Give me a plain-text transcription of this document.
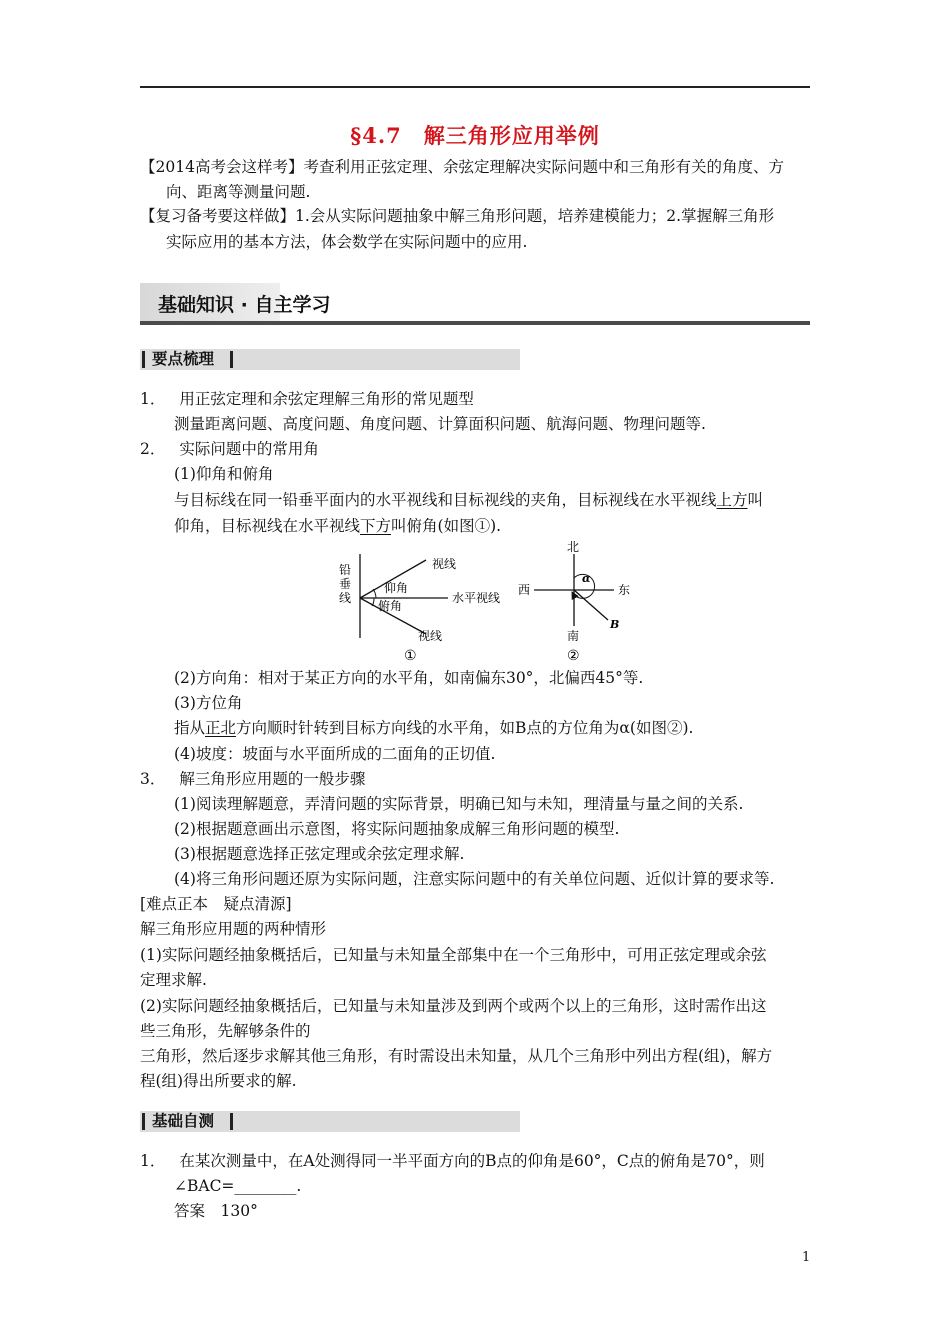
§4.7　解三角形应用举例
【2014高考会这样考】考查利用正弦定理、余弦定理解决实际问题中和三角形有关的角度、方
向、距离等测量问题.
【复习备考要这样做】1.会从实际问题抽象中解三角形问题，培养建模能力；2.掌握解三角形
实际应用的基本方法，体会数学在实际问题中的应用.
基础知识 · 自主学习
要点梳理
1． 用正弦定理和余弦定理解三角形的常见题型
测量距离问题、高度问题、角度问题、计算面积问题、航海问题、物理问题等.
2． 实际问题中的常用角
(1)仰角和俯角
与目标线在同一铅垂平面内的水平视线和目标视线的夹角，目标视线在水平视线上方叫
仰角，目标视线在水平视线下方叫俯角(如图①).
铅
垂
线
视线
仰角
水平视线
俯角
视线
①
北
南
西	东
α
B
②
(2)方向角：相对于某正方向的水平角，如南偏东30°，北偏西45°等.
(3)方位角
指从正北方向顺时针转到目标方向线的水平角，如B点的方位角为α(如图②).
(4)坡度：坡面与水平面所成的二面角的正切值.
3． 解三角形应用题的一般步骤
(1)阅读理解题意，弄清问题的实际背景，明确已知与未知，理清量与量之间的关系.
(2)根据题意画出示意图，将实际问题抽象成解三角形问题的模型.
(3)根据题意选择正弦定理或余弦定理求解.
(4)将三角形问题还原为实际问题，注意实际问题中的有关单位问题、近似计算的要求等.
[难点正本　疑点清源]
解三角形应用题的两种情形
(1)实际问题经抽象概括后，已知量与未知量全部集中在一个三角形中，可用正弦定理或余弦
定理求解.
(2)实际问题经抽象概括后，已知量与未知量涉及到两个或两个以上的三角形，这时需作出这
些三角形，先解够条件的
三角形，然后逐步求解其他三角形，有时需设出未知量，从几个三角形中列出方程(组)，解方
程(组)得出所要求的解.
基础自测
1． 在某次测量中，在A处测得同一半平面方向的B点的仰角是60°，C点的俯角是70°，则
∠BAC=________.
答案　130°
1
